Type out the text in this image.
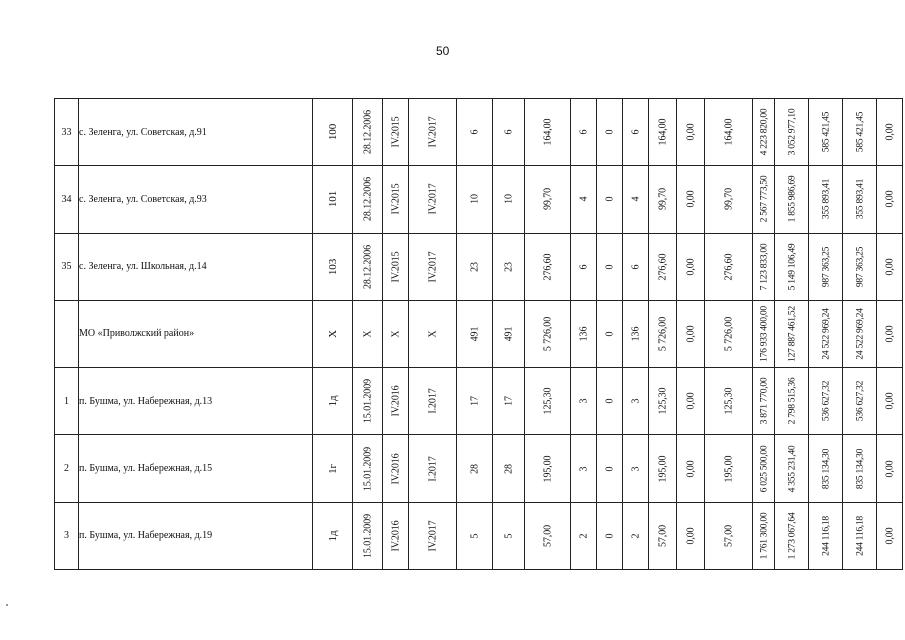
50
33	с. Зеленга, ул. Советская, д.91	100	28.12.2006	IV.2015	IV.2017	6	6	164,00	6	0	6	164,00	0,00	164,00	4 223 820,00	3 052 977,10	585 421,45	585 421,45	0,00

34	с. Зеленга, ул. Советская, д.93	101	28.12.2006	IV.2015	IV.2017	10	10	99,70	4	0	4	99,70	0,00	99,70	2 567 773,50	1 855 986,69	355 893,41	355 893,41	0,00

35	с. Зеленга, ул. Школьная, д.14	103	28.12.2006	IV.2015	IV.2017	23	23	276,60	6	0	6	276,60	0,00	276,60	7 123 833,00	5 149 106,49	987 363,25	987 363,25	0,00

	МО «Приволжский район»	X	X	X	X	491	491	5 726,00	136	0	136	5 726,00	0,00	5 726,00	176 933 400,00	127 887 461,52	24 522 969,24	24 522 969,24	0,00

1	п. Бушма, ул. Набережная, д.13	1д	15.01.2009	IV.2016	I.2017	17	17	125,30	3	0	3	125,30	0,00	125,30	3 871 770,00	2 798 515,36	536 627,32	536 627,32	0,00

2	п. Бушма, ул. Набережная, д.15	1г	15.01.2009	IV.2016	I.2017	28	28	195,00	3	0	3	195,00	0,00	195,00	6 025 500,00	4 355 231,40	835 134,30	835 134,30	0,00

3	п. Бушма, ул. Набережная, д.19	1д	15.01.2009	IV.2016	IV.2017	5	5	57,00	2	0	2	57,00	0,00	57,00	1 761 300,00	1 273 067,64	244 116,18	244 116,18	0,00
